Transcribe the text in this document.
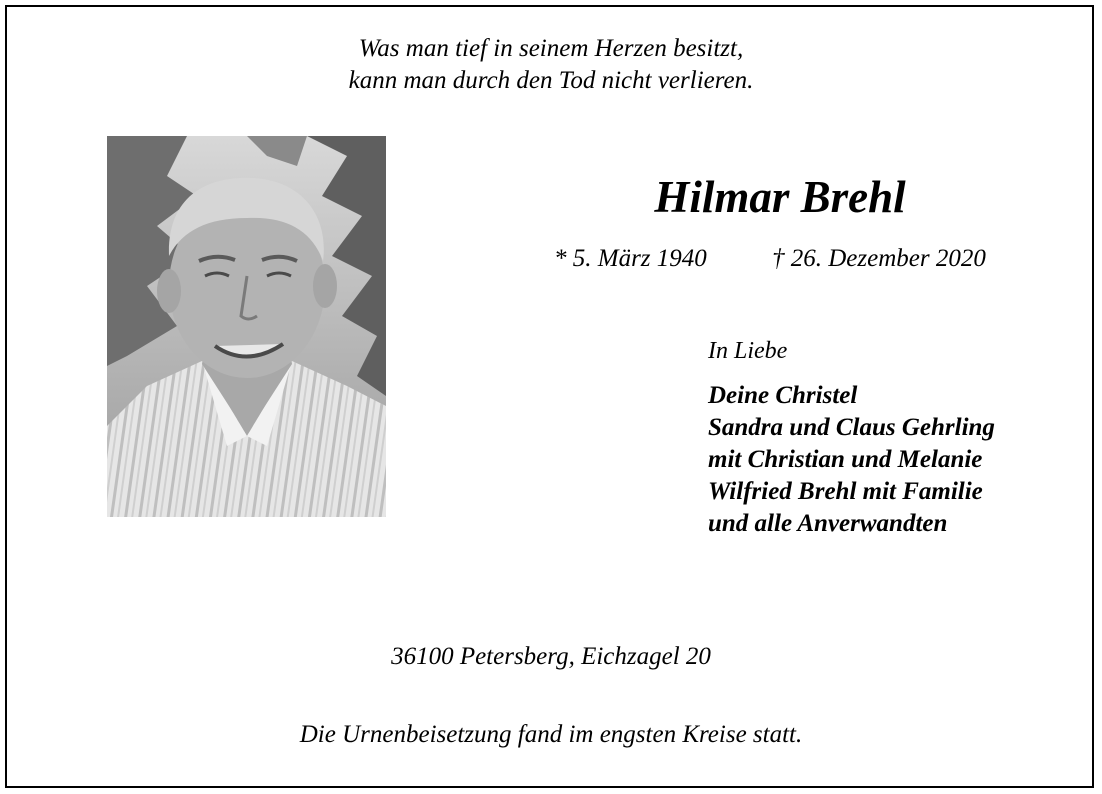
Was man tief in seinem Herzen besitzt,
kann man durch den Tod nicht verlieren.
Hilmar Brehl
* 5. März 1940	† 26. Dezember 2020
In Liebe
Deine Christel
Sandra und Claus Gehrling
mit Christian und Melanie
Wilfried Brehl mit Familie
und alle Anverwandten
36100 Petersberg, Eichzagel 20
Die Urnenbeisetzung fand im engsten Kreise statt.
